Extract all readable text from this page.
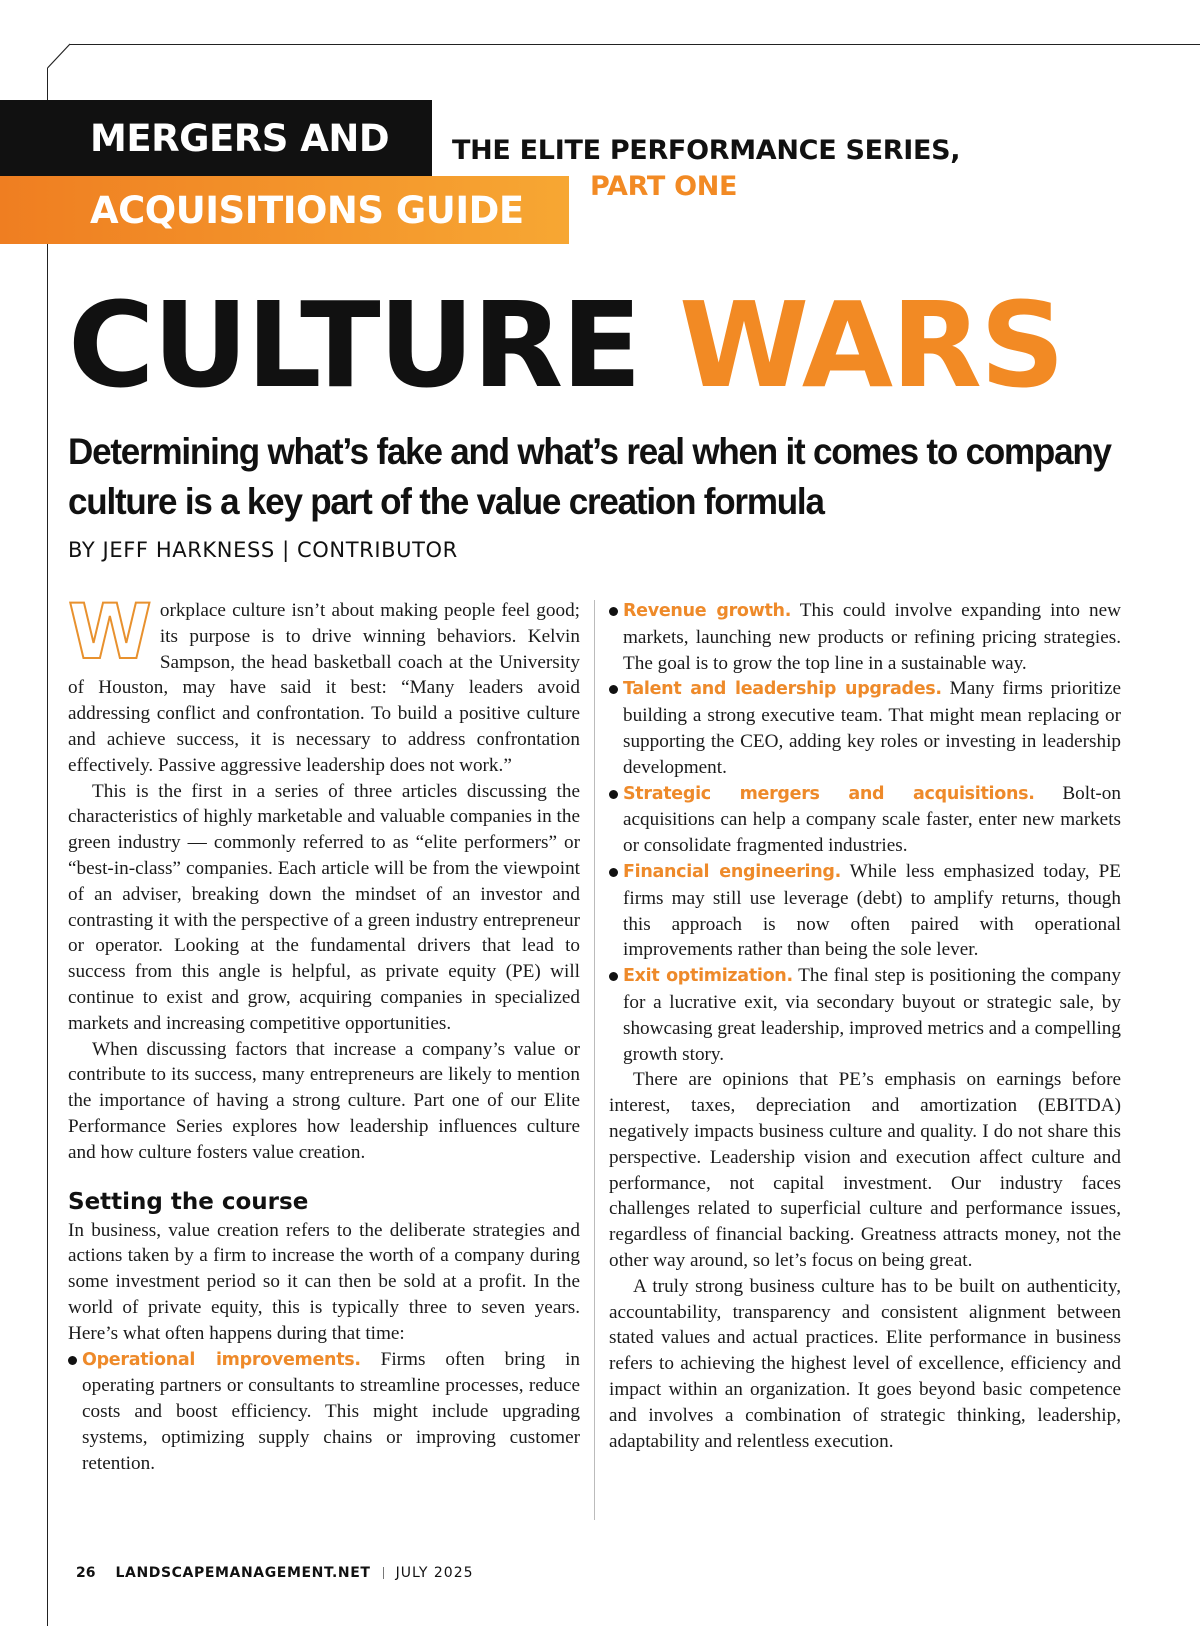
MERGERS AND
ACQUISITIONS GUIDE
THE ELITE PERFORMANCE SERIES,
PART ONE
CULTURE WARS
Determining what’s fake and what’s real when it comes to company culture is a key part of the value creation formula
BY JEFF HARKNESS | CONTRIBUTOR

Workplace culture isn’t about making people feel good; its purpose is to drive winning behaviors. Kelvin Sampson, the head basketball coach at the University of Houston, may have said it best: “Many leaders avoid addressing conflict and confrontation. To build a positive culture and achieve success, it is necessary to address confrontation effectively. Passive aggressive leadership does not work.”

This is the first in a series of three articles discussing the characteristics of highly marketable and valuable companies in the green industry — commonly referred to as “elite performers” or “best-in-class” companies. Each article will be from the viewpoint of an adviser, breaking down the mindset of an investor and contrasting it with the perspective of a green industry entrepreneur or operator. Looking at the fundamental drivers that lead to success from this angle is helpful, as private equity (PE) will continue to exist and grow, acquiring companies in specialized markets and increasing competitive opportunities.

When discussing factors that increase a company’s value or contribute to its success, many entrepreneurs are likely to mention the importance of having a strong culture. Part one of our Elite Performance Series explores how leadership influences culture and how culture fosters value creation.

Setting the course

In business, value creation refers to the deliberate strategies and actions taken by a firm to increase the worth of a company during some investment period so it can then be sold at a profit. In the world of private equity, this is typically three to seven years. Here’s what often happens during that time:

Operational improvements. Firms often bring in operating partners or consultants to streamline processes, reduce costs and boost efficiency. This might include upgrading systems, optimizing supply chains or improving customer retention.
Revenue growth. This could involve expanding into new markets, launching new products or refining pricing strategies. The goal is to grow the top line in a sustainable way.
Talent and leadership upgrades. Many firms prioritize building a strong executive team. That might mean replacing or supporting the CEO, adding key roles or investing in leadership development.
Strategic mergers and acquisitions. Bolt-on acquisitions can help a company scale faster, enter new markets or consolidate fragmented industries.
Financial engineering. While less emphasized today, PE firms may still use leverage (debt) to amplify returns, though this approach is now often paired with operational improvements rather than being the sole lever.
Exit optimization. The final step is positioning the company for a lucrative exit, via secondary buyout or strategic sale, by showcasing great leadership, improved metrics and a compelling growth story.

There are opinions that PE’s emphasis on earnings before interest, taxes, depreciation and amortization (EBITDA) negatively impacts business culture and quality. I do not share this perspective. Leadership vision and execution affect culture and performance, not capital investment. Our industry faces challenges related to superficial culture and performance issues, regardless of financial backing. Greatness attracts money, not the other way around, so let’s focus on being great.

A truly strong business culture has to be built on authenticity, accountability, transparency and consistent alignment between stated values and actual practices. Elite performance in business refers to achieving the highest level of excellence, efficiency and impact within an organization. It goes beyond basic competence and involves a combination of strategic thinking, leadership, adaptability and relentless execution.

26 LANDSCAPEMANAGEMENT.NET JULY 2025
